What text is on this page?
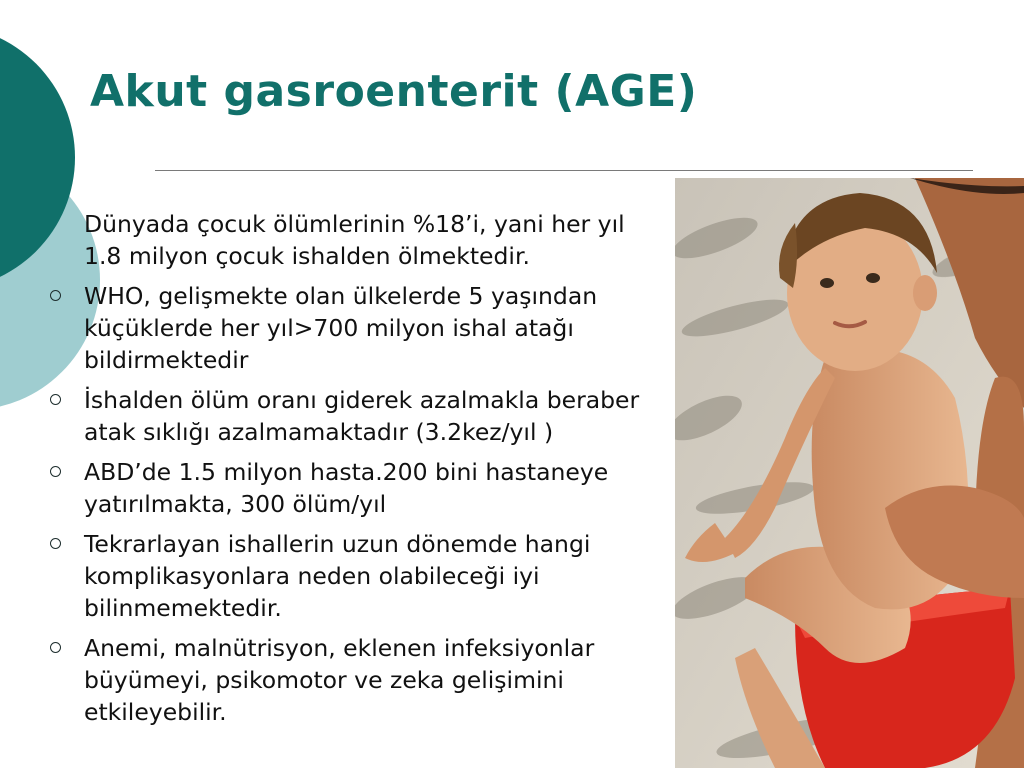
Akut gasroenterit (AGE)
Dünyada çocuk ölümlerinin %18’i, yani her yıl 1.8 milyon çocuk ishalden ölmektedir.
WHO, gelişmekte olan ülkelerde 5 yaşından küçüklerde her yıl>700 milyon ishal atağı bildirmektedir
İshalden ölüm oranı giderek azalmakla beraber atak sıklığı azalmamaktadır (3.2kez/yıl )
ABD’de 1.5 milyon hasta.200 bini hastaneye yatırılmakta, 300 ölüm/yıl
Tekrarlayan ishallerin uzun dönemde hangi komplikasyonlara neden olabileceği iyi bilinmemektedir.
Anemi, malnütrisyon, eklenen infeksiyonlar büyümeyi, psikomotor ve zeka gelişimini etkileyebilir.
